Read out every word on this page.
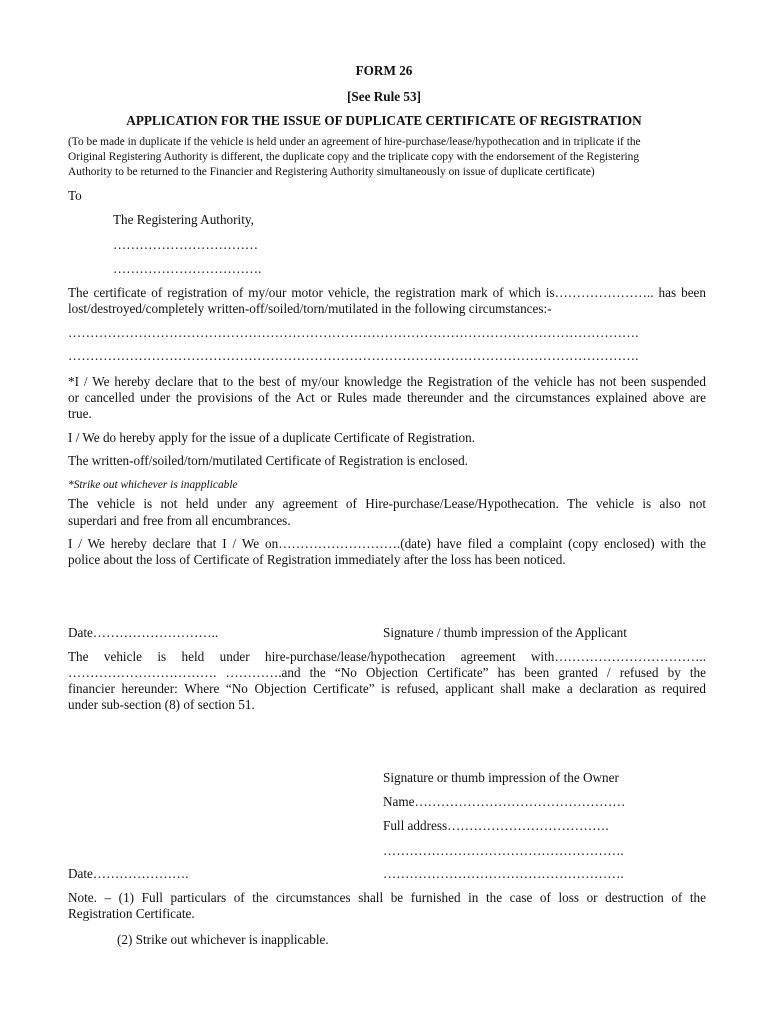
FORM 26
[See Rule 53]
APPLICATION FOR THE ISSUE OF DUPLICATE CERTIFICATE OF REGISTRATION
(To be made in duplicate if the vehicle is held under an agreement of hire-purchase/lease/hypothecation and in triplicate if the
Original Registering Authority is different, the duplicate copy and the triplicate copy with the endorsement of the Registering
Authority to be returned to the Financier and Registering Authority simultaneously on issue of duplicate certificate)
To
The Registering Authority,
……………………………
…………………………….
The certificate of registration of my/our motor vehicle, the registration mark of which is………………….. has been
lost/destroyed/completely written-off/soiled/torn/mutilated in the following circumstances:-
………………………………………………………………………………………………………………….
………………………………………………………………………………………………………………….
*I / We hereby declare that to the best of my/our knowledge the Registration of the vehicle has not been suspended
or cancelled under the provisions of the Act or Rules made thereunder and the circumstances explained above are
true.
I / We do hereby apply for the issue of a duplicate Certificate of Registration.
The written-off/soiled/torn/mutilated Certificate of Registration is enclosed.
*Strike out whichever is inapplicable
The vehicle is not held under any agreement of Hire-purchase/Lease/Hypothecation. The vehicle is also not
superdari and free from all encumbrances.
I / We hereby declare that I / We on……………………….(date) have filed a complaint (copy enclosed) with the
police about the loss of Certificate of Registration immediately after the loss has been noticed.
Date………………………..	Signature / thumb impression of the Applicant
The vehicle is held under hire-purchase/lease/hypothecation agreement with……………………………..
……………………………. ………….and the “No Objection Certificate” has been granted / refused by the
financier hereunder: Where “No Objection Certificate” is refused, applicant shall make a declaration as required
under sub-section (8) of section 51.
Signature or thumb impression of the Owner
Name…………………………………………
Full address……………………………….
……………………………………………….
Date………………….	……………………………………………….
Note. – (1) Full particulars of the circumstances shall be furnished in the case of loss or destruction of the
Registration Certificate.
(2) Strike out whichever is inapplicable.
